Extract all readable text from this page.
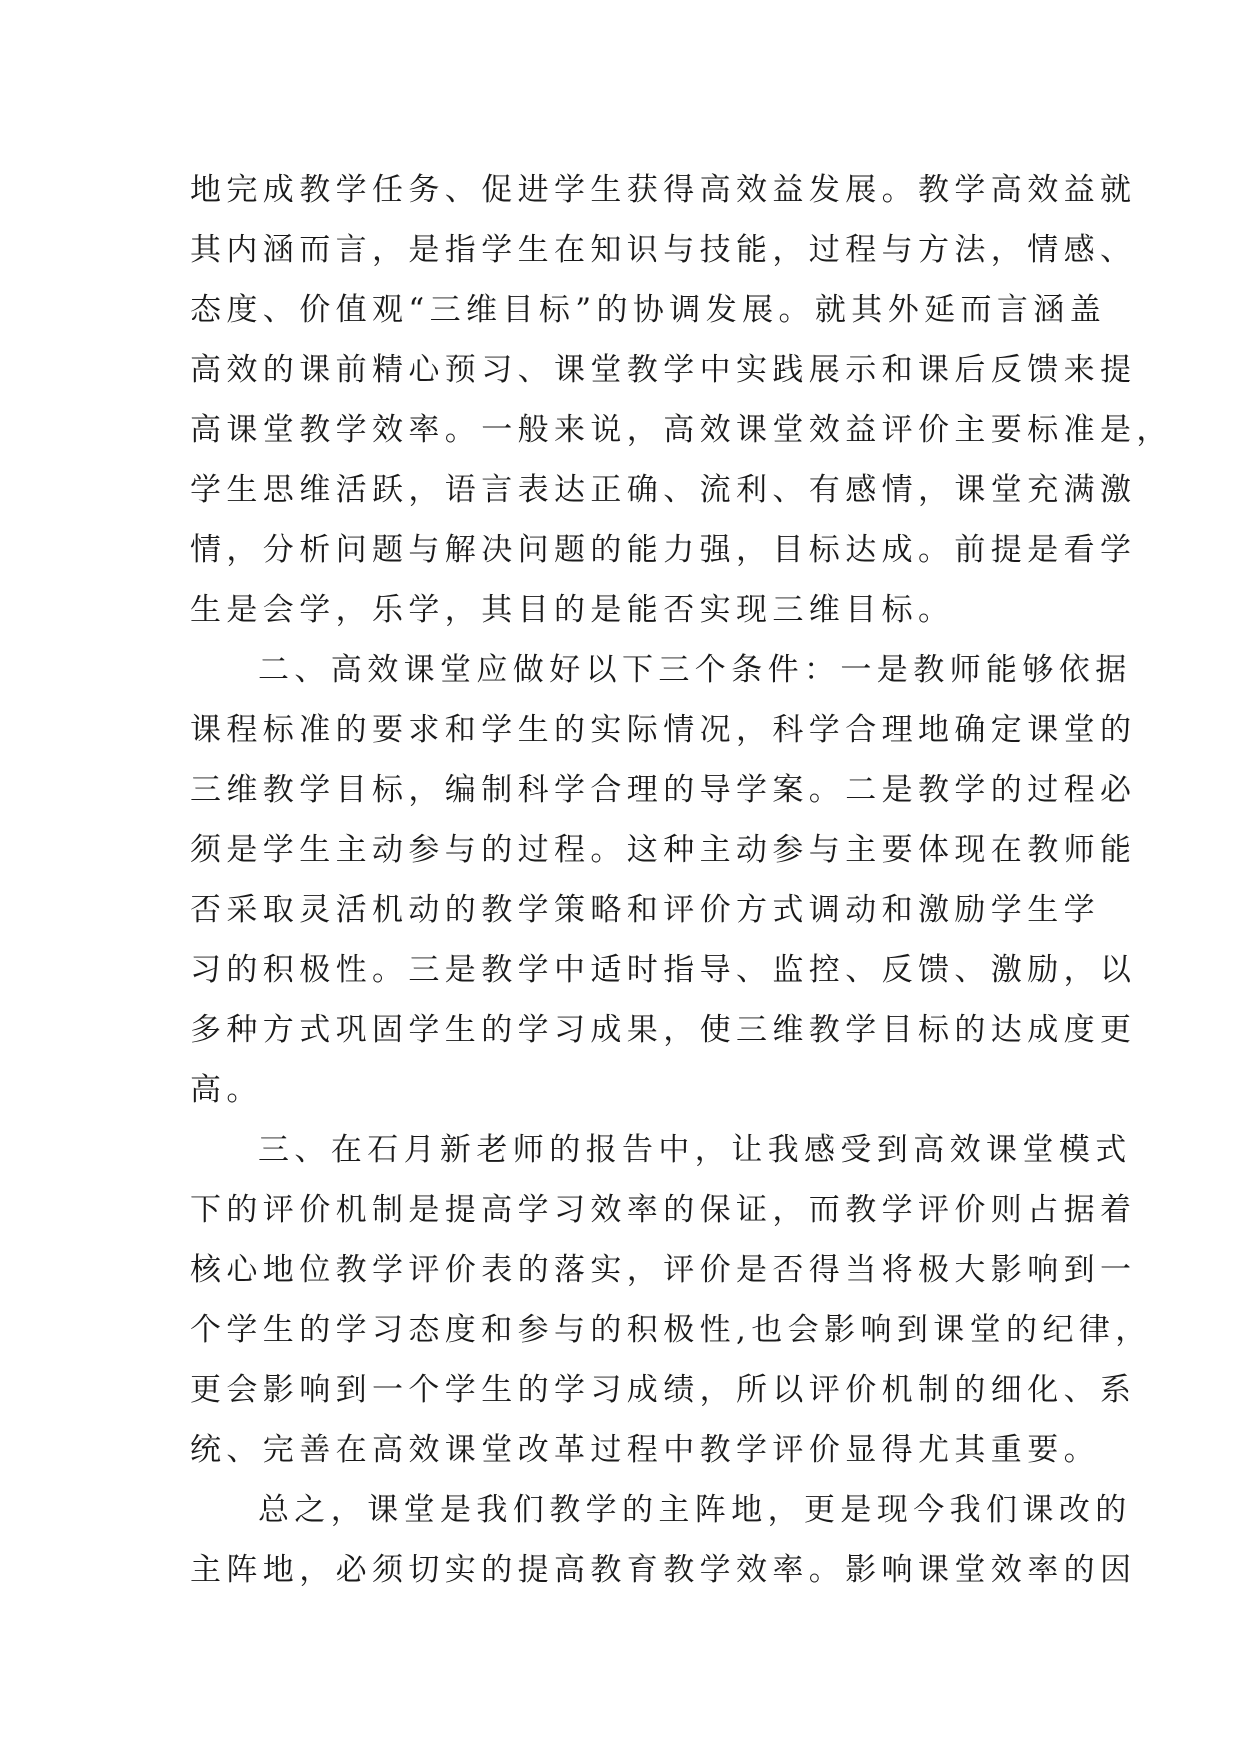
地完成教学任务、促进学生获得高效益发展。教学高效益就
其内涵而言，是指学生在知识与技能，过程与方法，情感、
态度、价值观“三维目标”的协调发展。就其外延而言涵盖
高效的课前精心预习、课堂教学中实践展示和课后反馈来提
高课堂教学效率。一般来说，高效课堂效益评价主要标准是，
学生思维活跃，语言表达正确、流利、有感情，课堂充满激
情，分析问题与解决问题的能力强，目标达成。前提是看学
生是会学，乐学，其目的是能否实现三维目标。
二、高效课堂应做好以下三个条件：一是教师能够依据
课程标准的要求和学生的实际情况，科学合理地确定课堂的
三维教学目标，编制科学合理的导学案。二是教学的过程必
须是学生主动参与的过程。这种主动参与主要体现在教师能
否采取灵活机动的教学策略和评价方式调动和激励学生学
习的积极性。三是教学中适时指导、监控、反馈、激励，以
多种方式巩固学生的学习成果，使三维教学目标的达成度更
高。
三、在石月新老师的报告中，让我感受到高效课堂模式
下的评价机制是提高学习效率的保证，而教学评价则占据着
核心地位教学评价表的落实，评价是否得当将极大影响到一
个学生的学习态度和参与的积极性,也会影响到课堂的纪律，
更会影响到一个学生的学习成绩，所以评价机制的细化、系
统、完善在高效课堂改革过程中教学评价显得尤其重要。
总之，课堂是我们教学的主阵地，更是现今我们课改的
主阵地，必须切实的提高教育教学效率。影响课堂效率的因
